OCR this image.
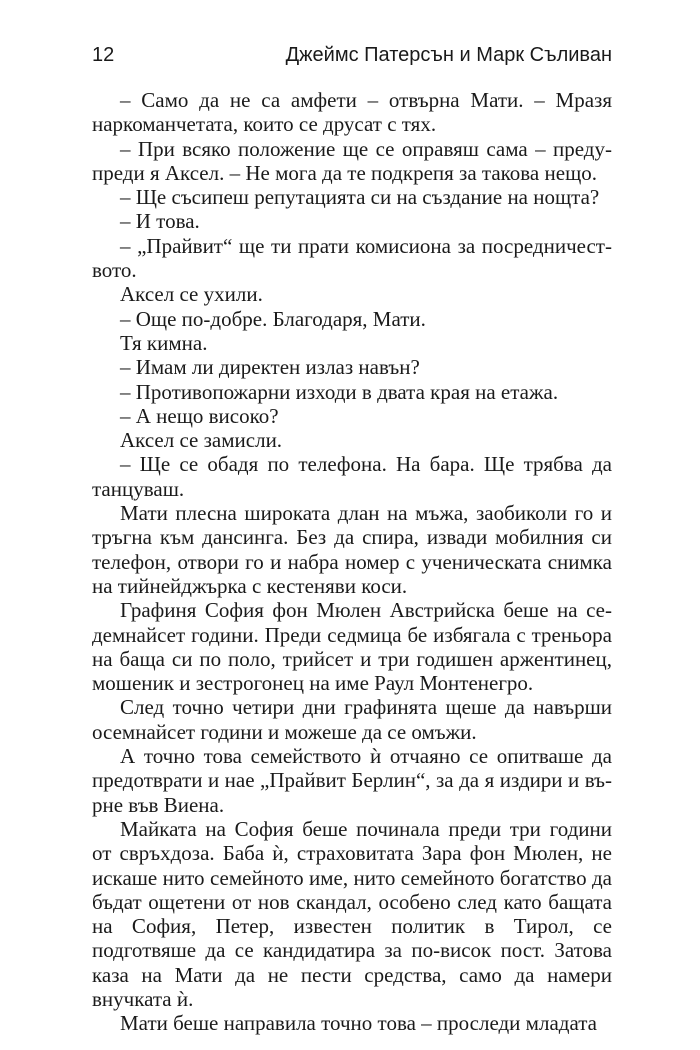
12	Джеймс Патерсън и Марк Съливан

– Само да не са амфети – отвърна Мати. – Мразя наркоманчетата, които се друсат с тях.

– При всяко положение ще се оправяш сама – предупреди я Аксел. – Не мога да те подкрепя за такова нещо.

– Ще съсипеш репутацията си на създание на нощта?

– И това.

– „Прайвит“ ще ти прати комисиона за посредничеството.

Аксел се ухили.

– Още по-добре. Благодаря, Мати.

Тя кимна.

– Имам ли директен излаз навън?

– Противопожарни изходи в двата края на етажа.

– А нещо високо?

Аксел се замисли.

– Ще се обадя по телефона. На бара. Ще трябва да танцуваш.

Мати плесна широката длан на мъжа, заобиколи го и тръгна към дансинга. Без да спира, извади мобилния си телефон, отвори го и набра номер с ученическата снимка на тийнейджърка с кестеняви коси.

Графиня София фон Мюлен Австрийска беше на седемнайсет години. Преди седмица бе избягала с треньора на баща си по поло, трийсет и три годишен аржентинец, мошеник и зестрогонец на име Раул Монтенегро.

След точно четири дни графинята щеше да навърши осемнайсет години и можеше да се омъжи.

А точно това семейството ѝ отчаяно се опитваше да предотврати и нае „Прайвит Берлин“, за да я издири и върне във Виена.

Майката на София беше починала преди три години от свръхдоза. Баба ѝ, страховитата Зара фон Мюлен, не искаше нито семейното име, нито семейното богатство да бъдат ощетени от нов скандал, особено след като бащата на София, Петер, известен политик в Тирол, се подготвяше да се кандидатира за по-висок пост. Затова каза на Мати да не пести средства, само да намери внучката ѝ.

Мати беше направила точно това – проследи младата
